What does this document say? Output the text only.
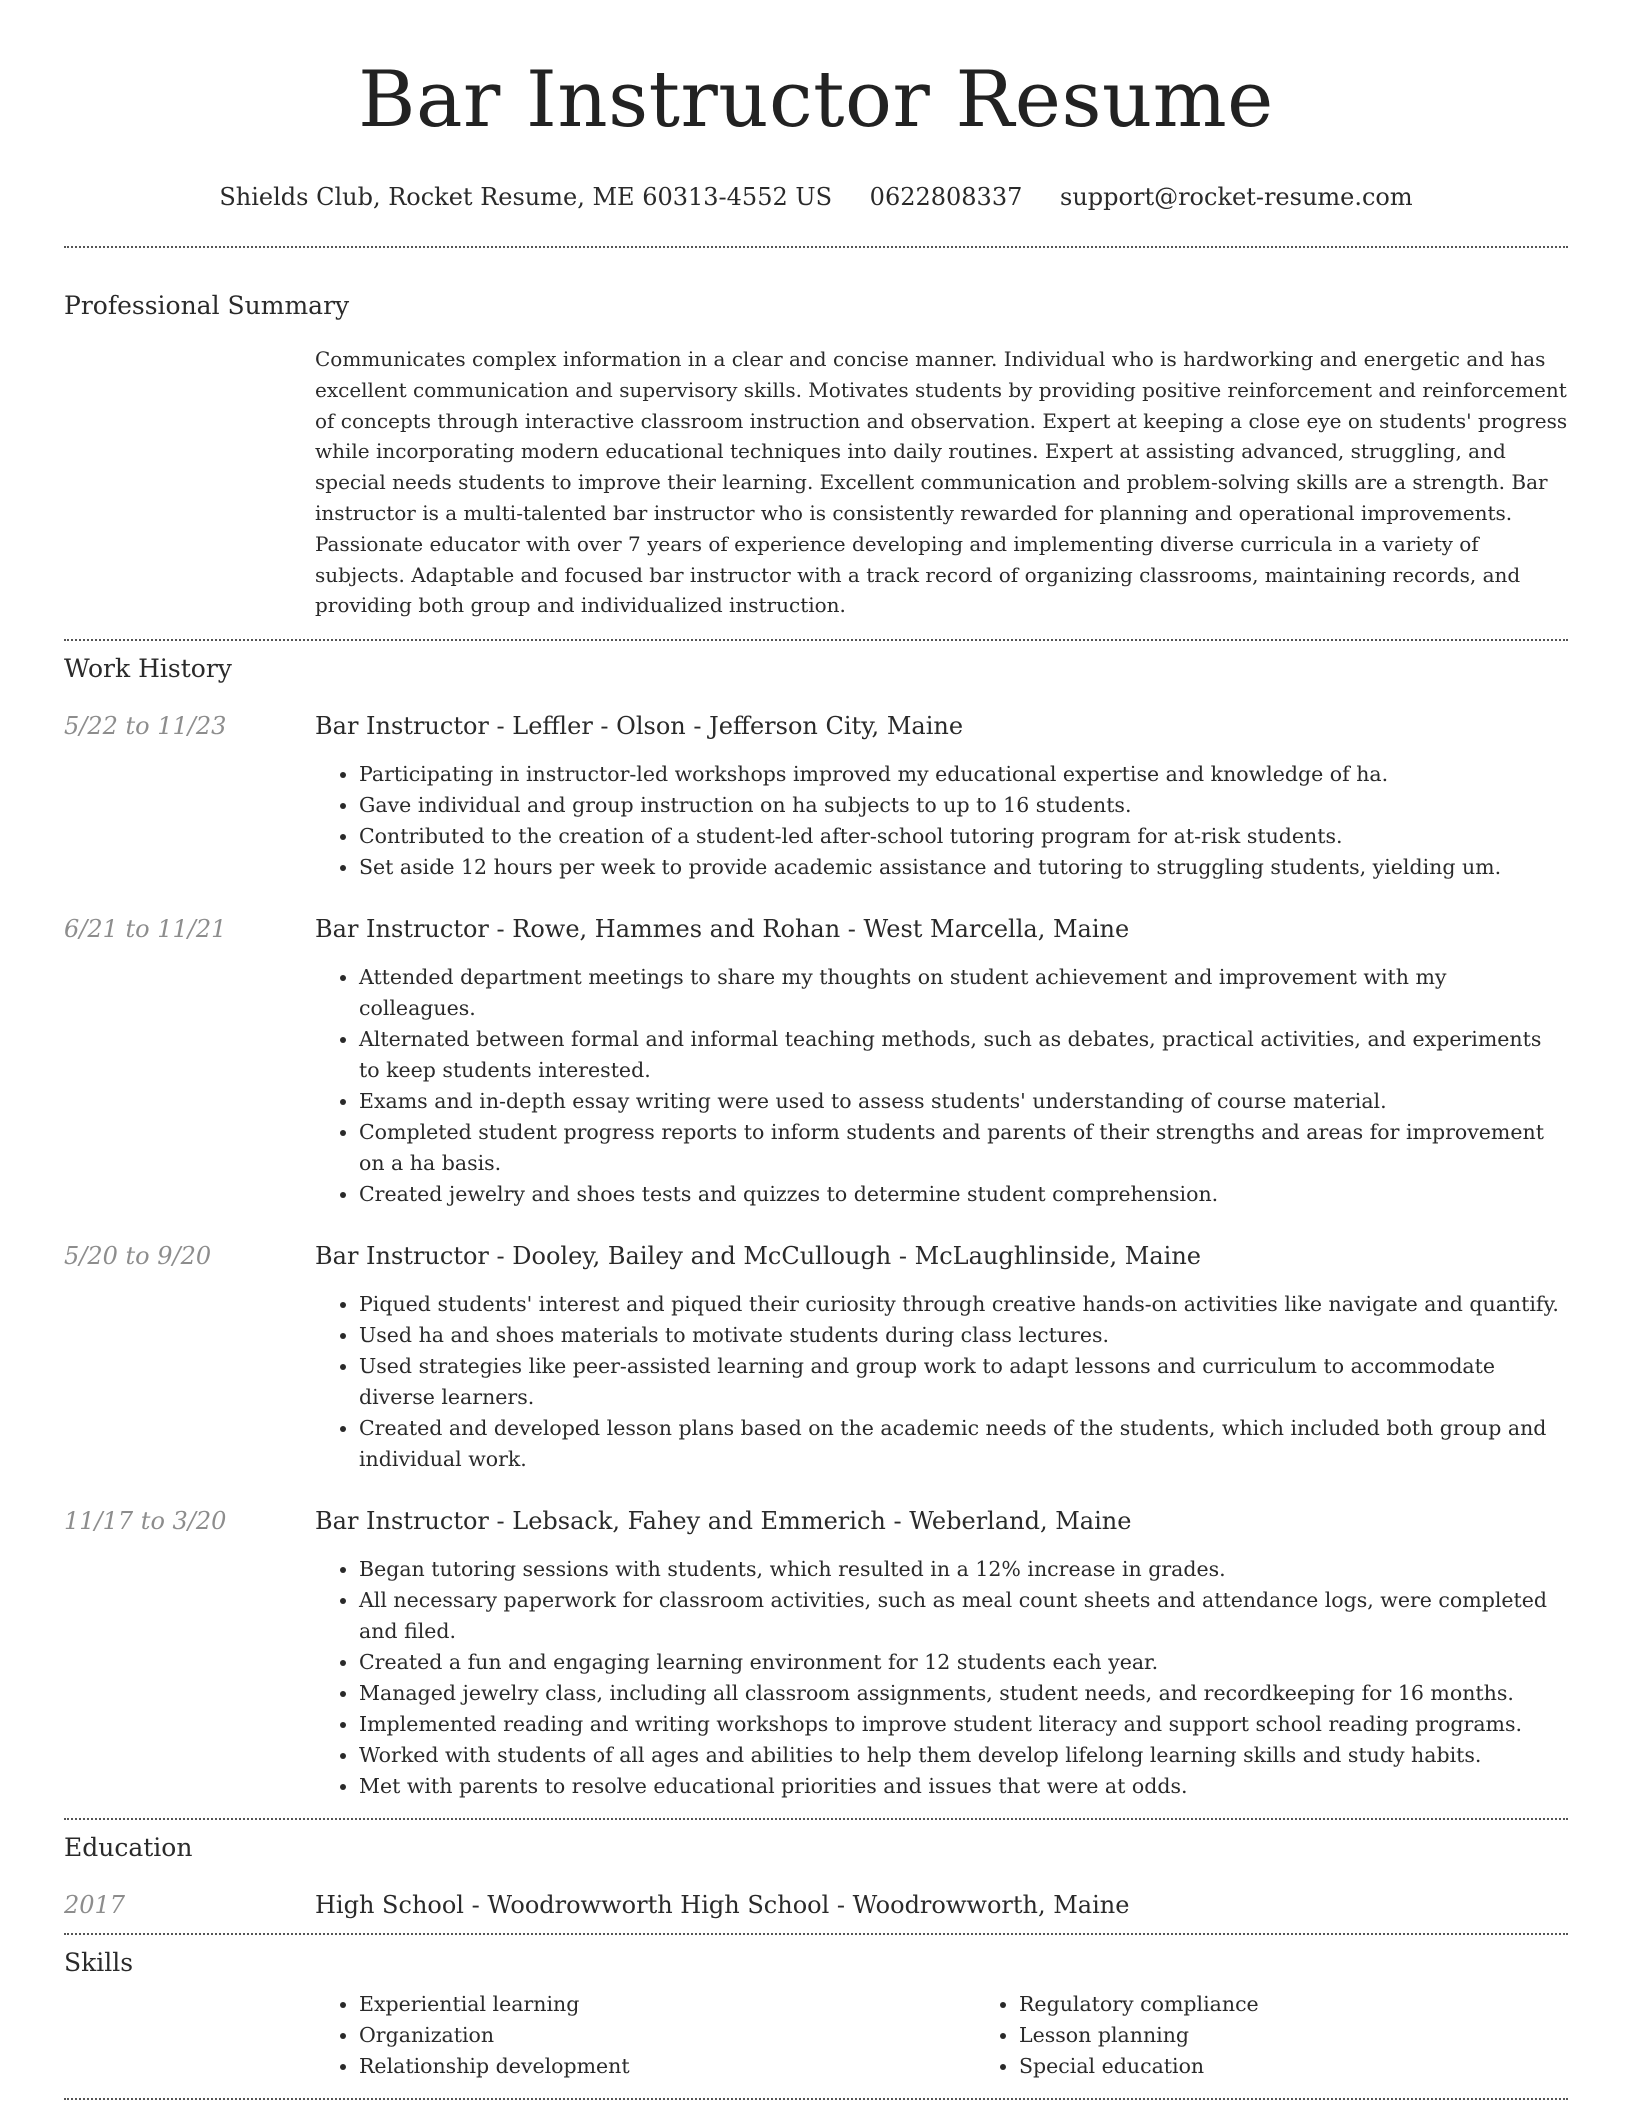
Bar Instructor Resume
Shields Club, Rocket Resume, ME 60313-4552 US 0622808337 support@rocket-resume.com
Professional Summary

Communicates complex information in a clear and concise manner. Individual who is hardworking and energetic and has excellent communication and supervisory skills. Motivates students by providing positive reinforcement and reinforcement of concepts through interactive classroom instruction and observation. Expert at keeping a close eye on students' progress while incorporating modern educational techniques into daily routines. Expert at assisting advanced, struggling, and special needs students to improve their learning. Excellent communication and problem-solving skills are a strength. Bar instructor is a multi-talented bar instructor who is consistently rewarded for planning and operational improvements. Passionate educator with over 7 years of experience developing and implementing diverse curricula in a variety of subjects. Adaptable and focused bar instructor with a track record of organizing classrooms, maintaining records, and providing both group and individualized instruction.

Work History
5/22 to 11/23	Bar Instructor - Leffler - Olson - Jefferson City, Maine
• Participating in instructor-led workshops improved my educational expertise and knowledge of ha.
• Gave individual and group instruction on ha subjects to up to 16 students.
• Contributed to the creation of a student-led after-school tutoring program for at-risk students.
• Set aside 12 hours per week to provide academic assistance and tutoring to struggling students, yielding um.
6/21 to 11/21	Bar Instructor - Rowe, Hammes and Rohan - West Marcella, Maine
• Attended department meetings to share my thoughts on student achievement and improvement with my colleagues.
• Alternated between formal and informal teaching methods, such as debates, practical activities, and experiments to keep students interested.
• Exams and in-depth essay writing were used to assess students' understanding of course material.
• Completed student progress reports to inform students and parents of their strengths and areas for improvement on a ha basis.
• Created jewelry and shoes tests and quizzes to determine student comprehension.
5/20 to 9/20	Bar Instructor - Dooley, Bailey and McCullough - McLaughlinside, Maine
• Piqued students' interest and piqued their curiosity through creative hands-on activities like navigate and quantify.
• Used ha and shoes materials to motivate students during class lectures.
• Used strategies like peer-assisted learning and group work to adapt lessons and curriculum to accommodate diverse learners.
• Created and developed lesson plans based on the academic needs of the students, which included both group and individual work.
11/17 to 3/20	Bar Instructor - Lebsack, Fahey and Emmerich - Weberland, Maine
• Began tutoring sessions with students, which resulted in a 12% increase in grades.
• All necessary paperwork for classroom activities, such as meal count sheets and attendance logs, were completed and filed.
• Created a fun and engaging learning environment for 12 students each year.
• Managed jewelry class, including all classroom assignments, student needs, and recordkeeping for 16 months.
• Implemented reading and writing workshops to improve student literacy and support school reading programs.
• Worked with students of all ages and abilities to help them develop lifelong learning skills and study habits.
• Met with parents to resolve educational priorities and issues that were at odds.
Education
2017	High School - Woodrowworth High School - Woodrowworth, Maine
Skills
• Experiential learning
• Organization
• Relationship development
• Regulatory compliance
• Lesson planning
• Special education
